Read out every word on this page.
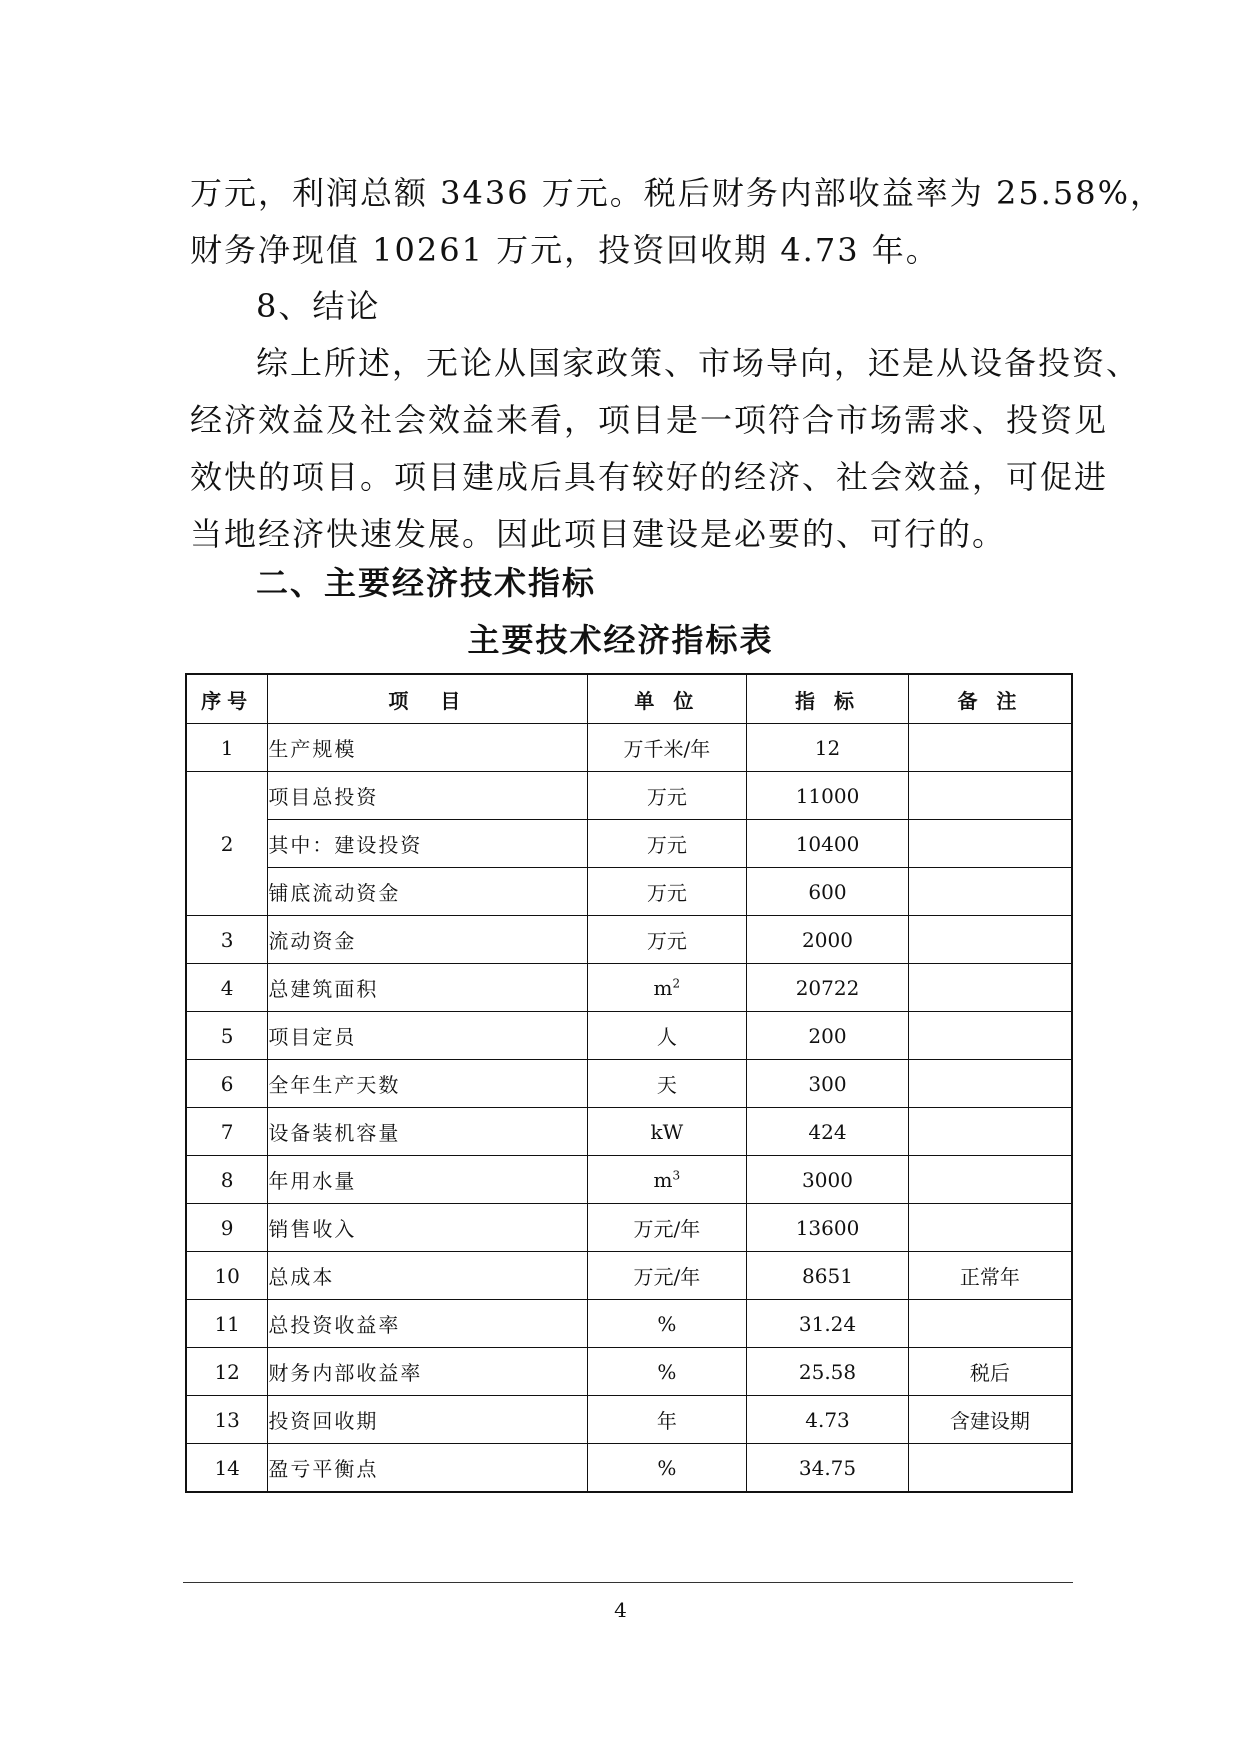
万元，利润总额 3436 万元。税后财务内部收益率为 25.58%，
财务净现值 10261 万元，投资回收期 4.73 年。
8、结论
综上所述，无论从国家政策、市场导向，还是从设备投资、
经济效益及社会效益来看，项目是一项符合市场需求、投资见
效快的项目。项目建成后具有较好的经济、社会效益，可促进
当地经济快速发展。因此项目建设是必要的、可行的。
二、主要经济技术指标
主要技术经济指标表
序号	项　目	单 位	指 标	备 注
1	生产规模	万千米/年	12	
2	项目总投资	万元	11000	
	其中：建设投资	万元	10400	
	铺底流动资金	万元	600	
3	流动资金	万元	2000	
4	总建筑面积	$m^2$	20722	
5	项目定员	人	200	
6	全年生产天数	天	300	
7	设备装机容量	kW	424	
8	年用水量	$m^3$	3000	
9	销售收入	万元/年	13600	
10	总成本	万元/年	8651	正常年
11	总投资收益率	%	31.24	
12	财务内部收益率	%	25.58	税后
13	投资回收期	年	4.73	含建设期
14	盈亏平衡点	%	34.75	
4
